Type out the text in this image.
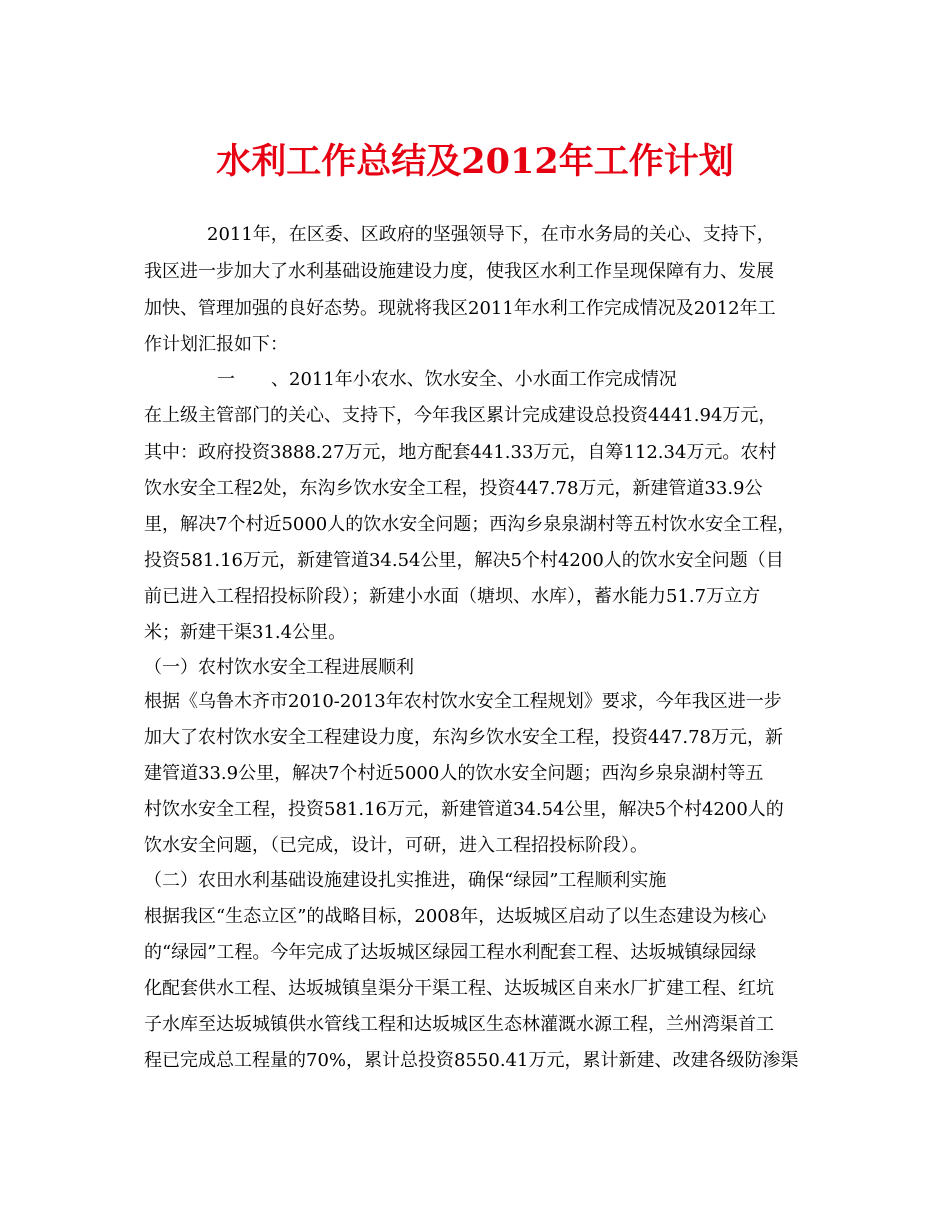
水利工作总结及2012年工作计划
2011年，在区委、区政府的坚强领导下，在市水务局的关心、支持下，
我区进一步加大了水利基础设施建设力度，使我区水利工作呈现保障有力、发展
加快、管理加强的良好态势。现就将我区2011年水利工作完成情况及2012年工
作计划汇报如下：
一　　、2011年小农水、饮水安全、小水面工作完成情况
在上级主管部门的关心、支持下，今年我区累计完成建设总投资4441.94万元，
其中：政府投资3888.27万元，地方配套441.33万元，自筹112.34万元。农村
饮水安全工程2处，东沟乡饮水安全工程，投资447.78万元，新建管道33.9公
里，解决7个村近5000人的饮水安全问题；西沟乡泉泉湖村等五村饮水安全工程，
投资581.16万元，新建管道34.54公里，解决5个村4200人的饮水安全问题（目
前已进入工程招投标阶段）；新建小水面（塘坝、水库），蓄水能力51.7万立方
米；新建干渠31.4公里。
（一）农村饮水安全工程进展顺利
根据《乌鲁木齐市2010-2013年农村饮水安全工程规划》要求，今年我区进一步
加大了农村饮水安全工程建设力度，东沟乡饮水安全工程，投资447.78万元，新
建管道33.9公里，解决7个村近5000人的饮水安全问题；西沟乡泉泉湖村等五
村饮水安全工程，投资581.16万元，新建管道34.54公里，解决5个村4200人的
饮水安全问题，（已完成，设计，可研，进入工程招投标阶段）。
（二）农田水利基础设施建设扎实推进，确保“绿园”工程顺利实施
根据我区“生态立区”的战略目标，2008年，达坂城区启动了以生态建设为核心
的“绿园”工程。今年完成了达坂城区绿园工程水利配套工程、达坂城镇绿园绿
化配套供水工程、达坂城镇皇渠分干渠工程、达坂城区自来水厂扩建工程、红坑
子水库至达坂城镇供水管线工程和达坂城区生态林灌溉水源工程，兰州湾渠首工
程已完成总工程量的70%，累计总投资8550.41万元，累计新建、改建各级防渗渠
